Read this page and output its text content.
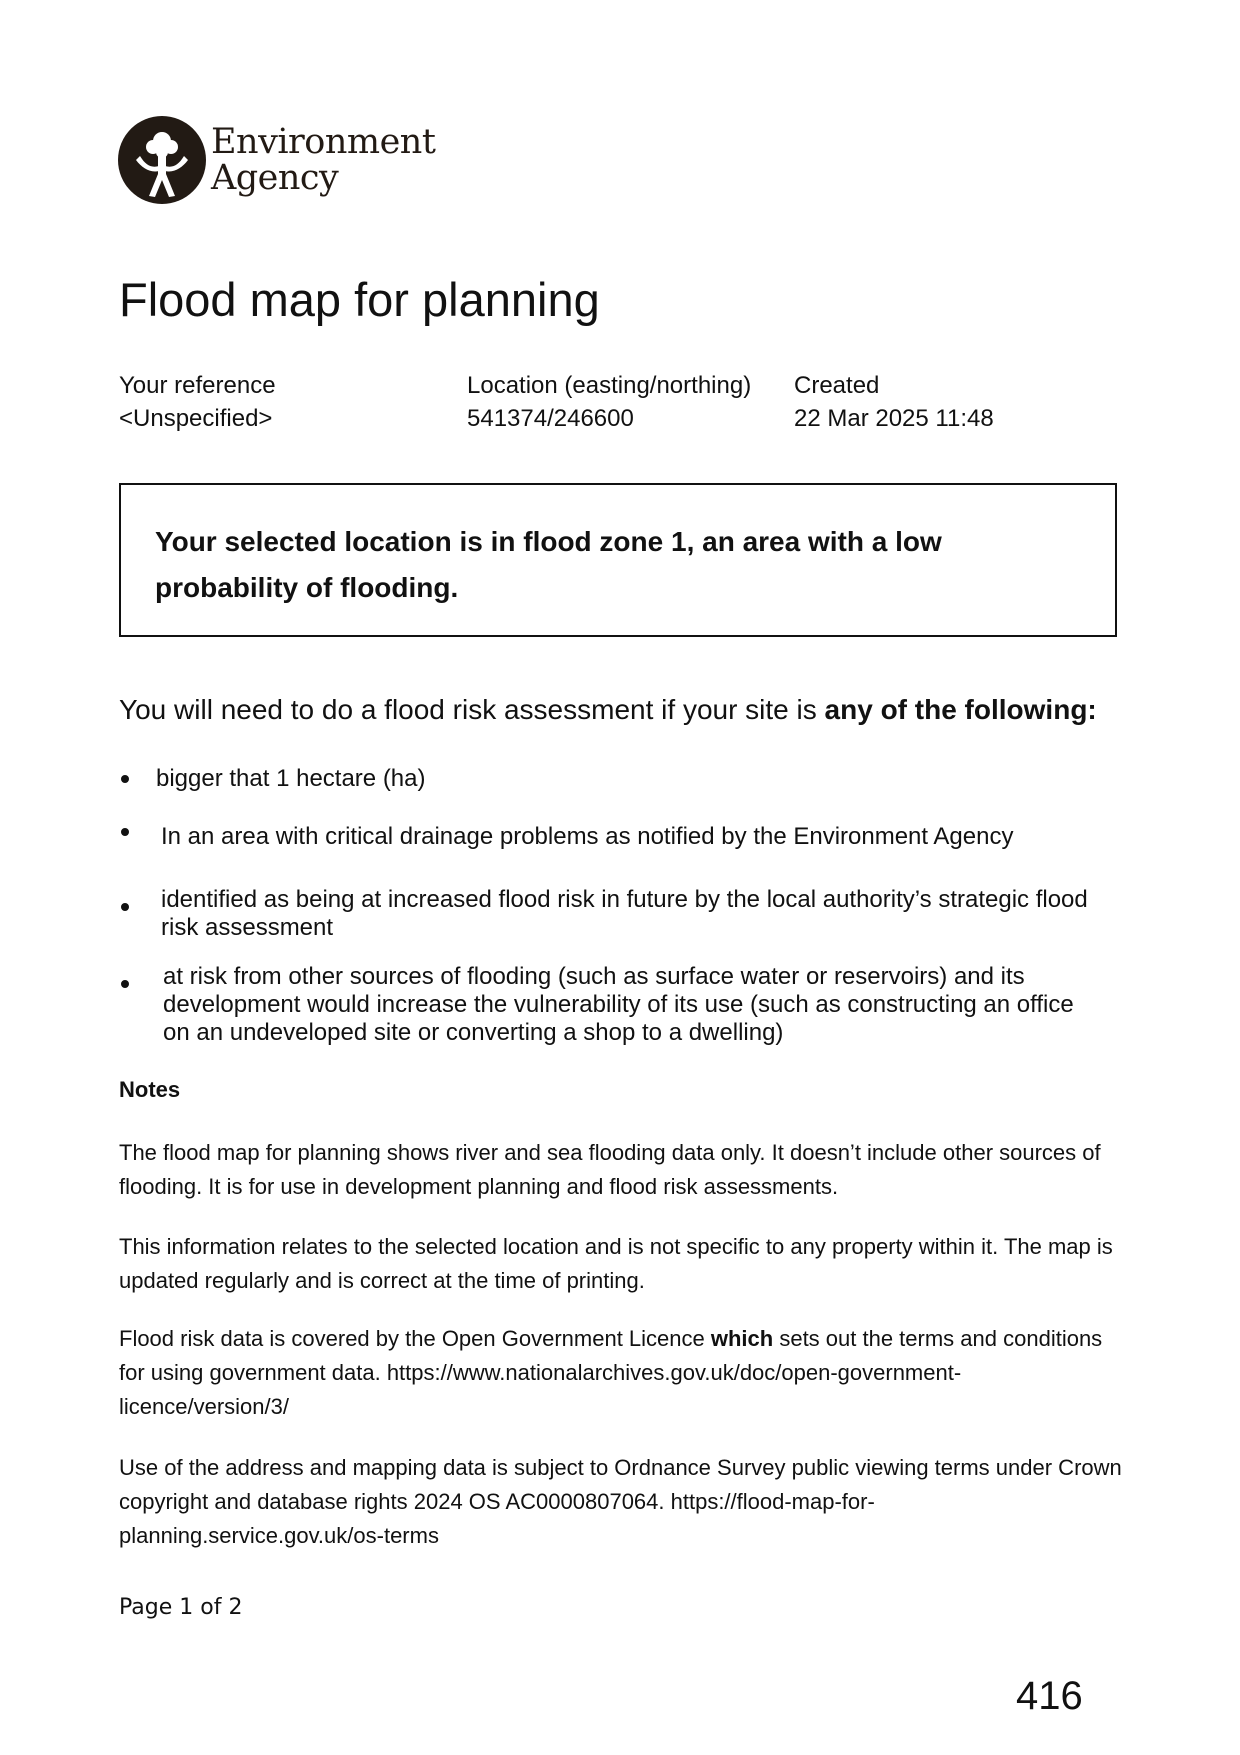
Environment
Agency
Flood map for planning
Your reference
<Unspecified>
Location (easting/northing)
541374/246600
Created
22 Mar 2025 11:48
Your selected location is in flood zone 1, an area with a low probability of flooding.
You will need to do a flood risk assessment if your site is any of the following:
bigger that 1 hectare (ha)
In an area with critical drainage problems as notified by the Environment Agency
identified as being at increased flood risk in future by the local authority’s strategic flood risk assessment
at risk from other sources of flooding (such as surface water or reservoirs) and its development would increase the vulnerability of its use (such as constructing an office on an undeveloped site or converting a shop to a dwelling)
Notes
The flood map for planning shows river and sea flooding data only. It doesn’t include other sources of flooding. It is for use in development planning and flood risk assessments.
This information relates to the selected location and is not specific to any property within it. The map is updated regularly and is correct at the time of printing.
Flood risk data is covered by the Open Government Licence which sets out the terms and conditions for using government data. https://www.nationalarchives.gov.uk/doc/open-government-licence/version/3/
Use of the address and mapping data is subject to Ordnance Survey public viewing terms under Crown copyright and database rights 2024 OS AC0000807064. https://flood-map-for-planning.service.gov.uk/os-terms
Page 1 of 2
416
